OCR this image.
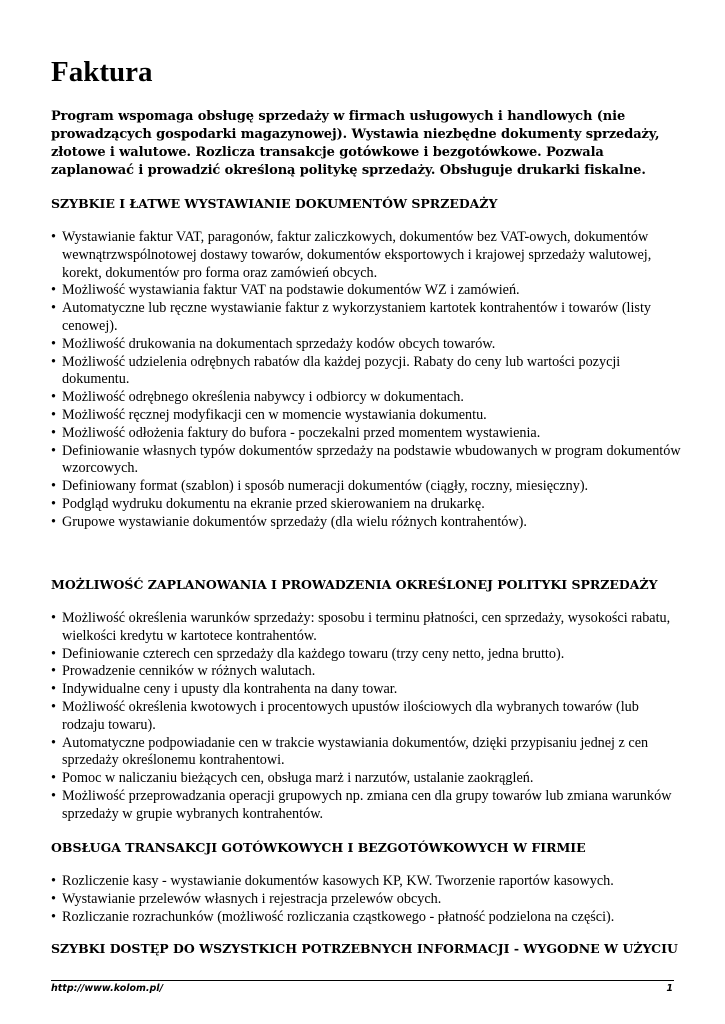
Faktura

Program wspomaga obsługę sprzedaży w firmach usługowych i handlowych (nie prowadzących gospodarki magazynowej). Wystawia niezbędne dokumenty sprzedaży, złotowe i walutowe. Rozlicza transakcje gotówkowe i bezgotówkowe. Pozwala zaplanować i prowadzić określoną politykę sprzedaży. Obsługuje drukarki fiskalne.

SZYBKIE I ŁATWE WYSTAWIANIE DOKUMENTÓW SPRZEDAŻY
• Wystawianie faktur VAT, paragonów, faktur zaliczkowych, dokumentów bez VAT-owych, dokumentów wewnątrzwspólnotowej dostawy towarów, dokumentów eksportowych i krajowej sprzedaży walutowej, korekt, dokumentów pro forma oraz zamówień obcych.
• Możliwość wystawiania faktur VAT na podstawie dokumentów WZ i zamówień.
• Automatyczne lub ręczne wystawianie faktur z wykorzystaniem kartotek kontrahentów i towarów (listy cenowej).
• Możliwość drukowania na dokumentach sprzedaży kodów obcych towarów.
• Możliwość udzielenia odrębnych rabatów dla każdej pozycji. Rabaty do ceny lub wartości pozycji dokumentu.
• Możliwość odrębnego określenia nabywcy i odbiorcy w dokumentach.
• Możliwość ręcznej modyfikacji cen w momencie wystawiania dokumentu.
• Możliwość odłożenia faktury do bufora - poczekalni przed momentem wystawienia.
• Definiowanie własnych typów dokumentów sprzedaży na podstawie wbudowanych w program dokumentów wzorcowych.
• Definiowany format (szablon) i sposób numeracji dokumentów (ciągły, roczny, miesięczny).
• Podgląd wydruku dokumentu na ekranie przed skierowaniem na drukarkę.
• Grupowe wystawianie dokumentów sprzedaży (dla wielu różnych kontrahentów).
MOŻLIWOŚĆ ZAPLANOWANIA I PROWADZENIA OKREŚLONEJ POLITYKI SPRZEDAŻY
• Możliwość określenia warunków sprzedaży: sposobu i terminu płatności, cen sprzedaży, wysokości rabatu, wielkości kredytu w kartotece kontrahentów.
• Definiowanie czterech cen sprzedaży dla każdego towaru (trzy ceny netto, jedna brutto).
• Prowadzenie cenników w różnych walutach.
• Indywidualne ceny i upusty dla kontrahenta na dany towar.
• Możliwość określenia kwotowych i procentowych upustów ilościowych dla wybranych towarów (lub rodzaju towaru).
• Automatyczne podpowiadanie cen w trakcie wystawiania dokumentów, dzięki przypisaniu jednej z cen sprzedaży określonemu kontrahentowi.
• Pomoc w naliczaniu bieżących cen, obsługa marż i narzutów, ustalanie zaokrągleń.
• Możliwość przeprowadzania operacji grupowych np. zmiana cen dla grupy towarów lub zmiana warunków sprzedaży w grupie wybranych kontrahentów.
OBSŁUGA TRANSAKCJI GOTÓWKOWYCH I BEZGOTÓWKOWYCH W FIRMIE
• Rozliczenie kasy - wystawianie dokumentów kasowych KP, KW. Tworzenie raportów kasowych.
• Wystawianie przelewów własnych i rejestracja przelewów obcych.
• Rozliczanie rozrachunków (możliwość rozliczania cząstkowego - płatność podzielona na części).
SZYBKI DOSTĘP DO WSZYSTKICH POTRZEBNYCH INFORMACJI - WYGODNE W UŻYCIU

http://www.kolom.pl/	1
